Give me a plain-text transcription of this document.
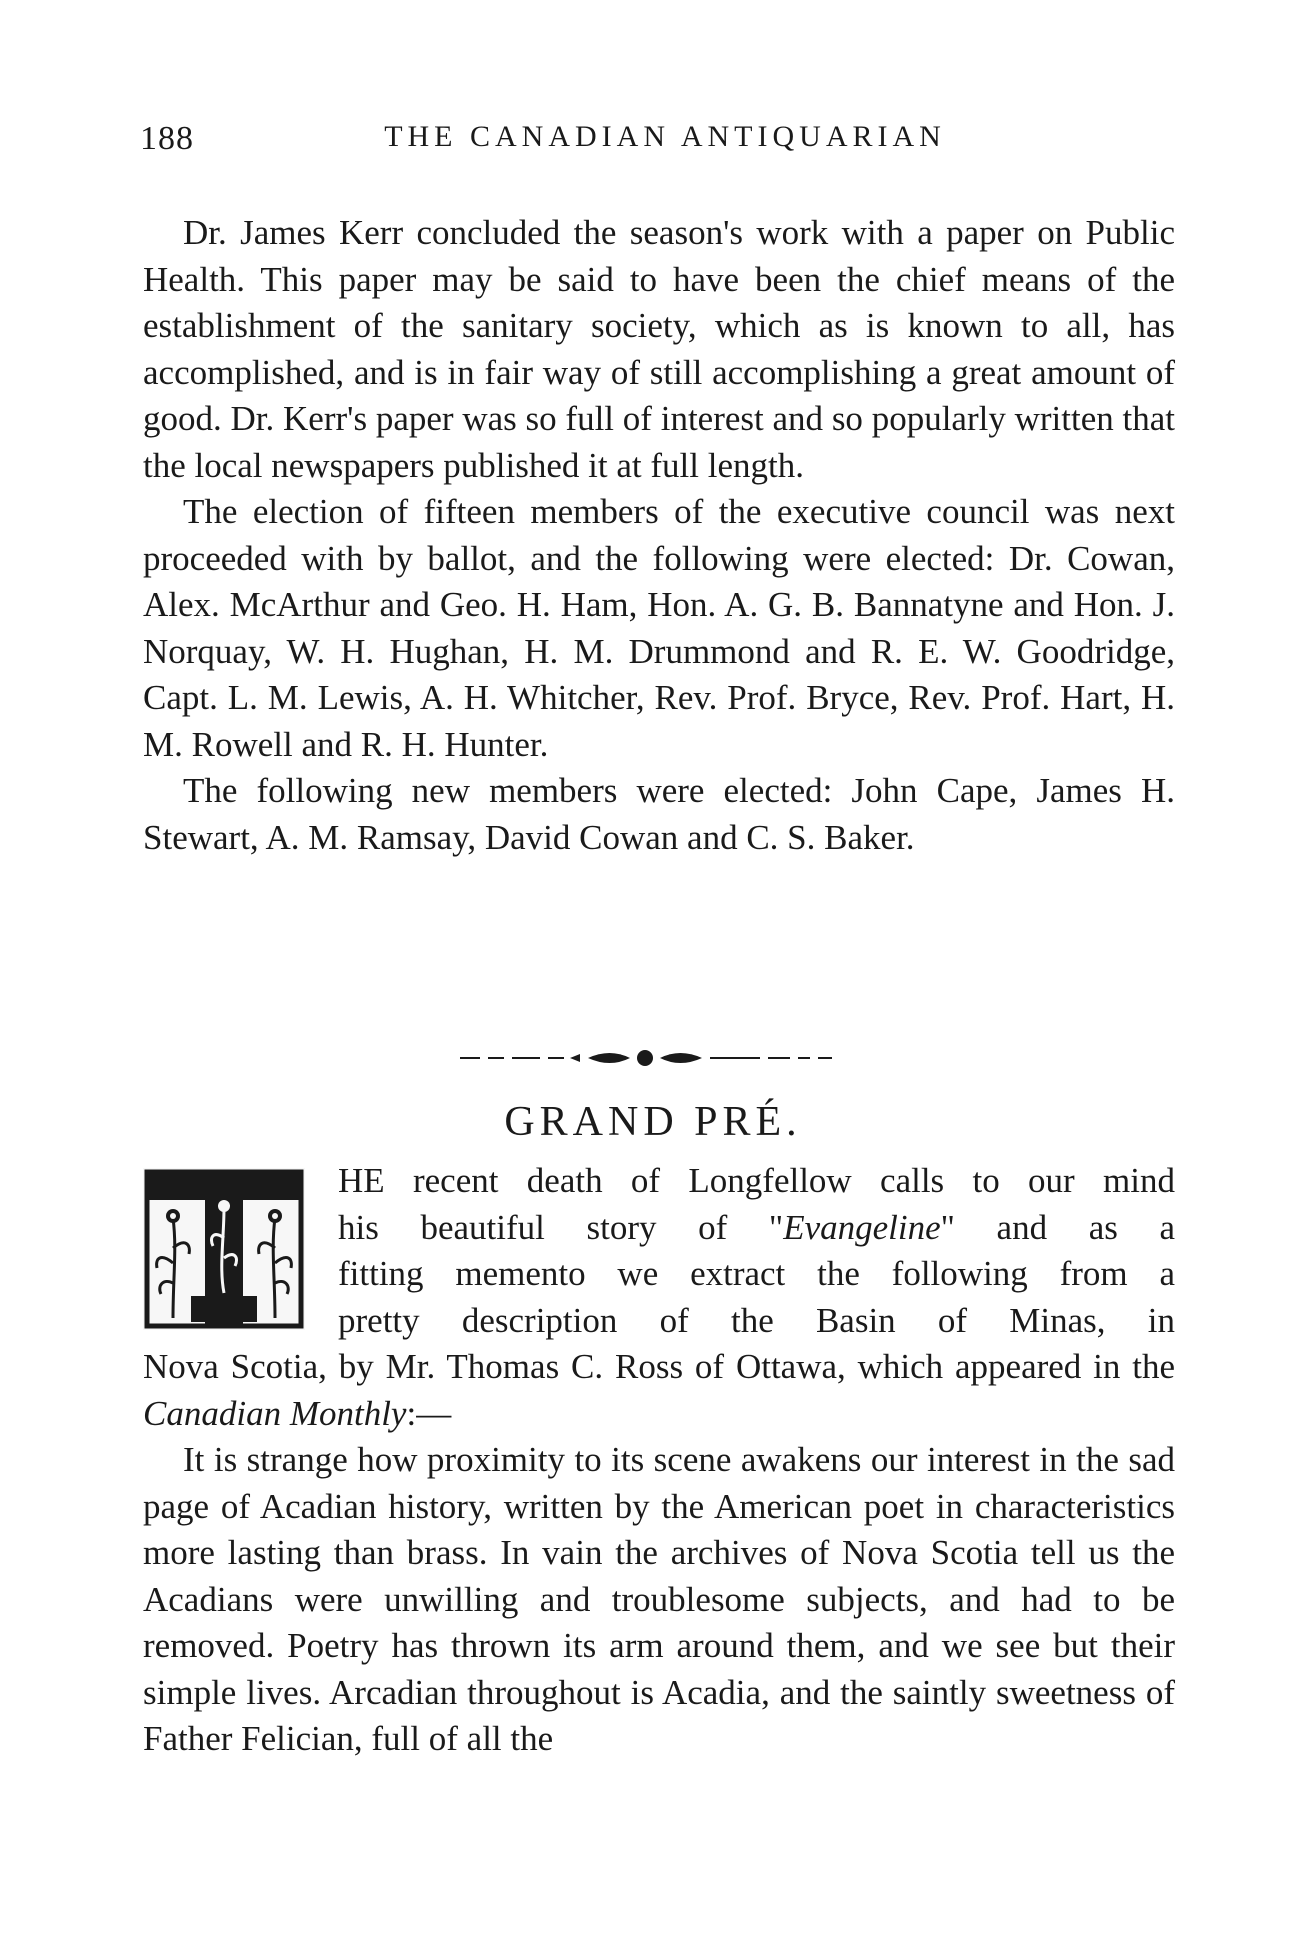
188	THE CANADIAN ANTIQUARIAN

Dr. James Kerr concluded the season's work with a paper on Public Health. This paper may be said to have been the chief means of the establishment of the sanitary society, which as is known to all, has accomplished, and is in fair way of still accomplishing a great amount of good. Dr. Kerr's paper was so full of interest and so popularly written that the local newspapers published it at full length.

The election of fifteen members of the executive council was next proceeded with by ballot, and the following were elected: Dr. Cowan, Alex. McArthur and Geo. H. Ham, Hon. A. G. B. Bannatyne and Hon. J. Norquay, W. H. Hughan, H. M. Drummond and R. E. W. Goodridge, Capt. L. M. Lewis, A. H. Whitcher, Rev. Prof. Bryce, Rev. Prof. Hart, H. M. Rowell and R. H. Hunter.

The following new members were elected: John Cape, James H. Stewart, A. M. Ramsay, David Cowan and C. S. Baker.

GRAND PRÉ.
HE recent death of Longfellow calls to our mind
his beautiful story of "Evangeline" and as a
fitting memento we extract the following from a
pretty description of the Basin of Minas, in

Nova Scotia, by Mr. Thomas C. Ross of Ottawa, which appeared in the Canadian Monthly:—

It is strange how proximity to its scene awakens our interest in the sad page of Acadian history, written by the American poet in characteristics more lasting than brass. In vain the archives of Nova Scotia tell us the Acadians were unwilling and troublesome subjects, and had to be removed. Poetry has thrown its arm around them, and we see but their simple lives. Arcadian throughout is Acadia, and the saintly sweetness of Father Felician, full of all the
